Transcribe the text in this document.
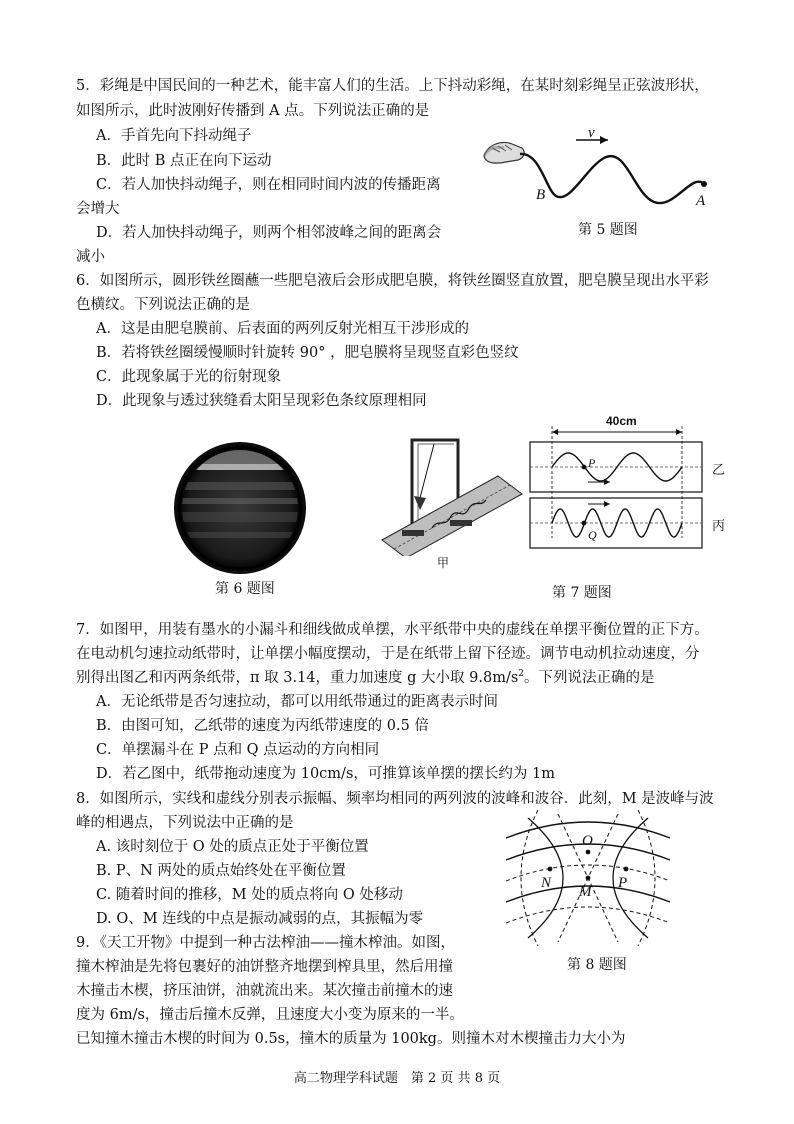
5．彩绳是中国民间的一种艺术，能丰富人们的生活。上下抖动彩绳，在某时刻彩绳呈正弦波形状，
如图所示，此时波刚好传播到 A 点。下列说法正确的是
A．手首先向下抖动绳子
B．此时 B 点正在向下运动
C．若人加快抖动绳子，则在相同时间内波的传播距离
会增大
D．若人加快抖动绳子，则两个相邻波峰之间的距离会
减小
v
B	A
第 5 题图
6．如图所示，圆形铁丝圈蘸一些肥皂液后会形成肥皂膜，将铁丝圈竖直放置，肥皂膜呈现出水平彩
色横纹。下列说法正确的是
A．这是由肥皂膜前、后表面的两列反射光相互干涉形成的
B．若将铁丝圈缓慢顺时针旋转 90° ，肥皂膜将呈现竖直彩色竖纹
C．此现象属于光的衍射现象
D．此现象与透过狭缝看太阳呈现彩色条纹原理相同
第 6 题图
甲
40cm
P
Q
乙
丙
第 7 题图
7．如图甲，用装有墨水的小漏斗和细线做成单摆，水平纸带中央的虚线在单摆平衡位置的正下方。
在电动机匀速拉动纸带时，让单摆小幅度摆动，于是在纸带上留下径迹。调节电动机拉动速度，分
别得出图乙和丙两条纸带，π 取 3.14，重力加速度 g 大小取 $9.8m/s^2$。下列说法正确的是
A．无论纸带是否匀速拉动，都可以用纸带通过的距离表示时间
B．由图可知，乙纸带的速度为丙纸带速度的 0.5 倍
C．单摆漏斗在 P 点和 Q 点运动的方向相同
D．若乙图中，纸带拖动速度为 10cm/s，可推算该单摆的摆长约为 1m
8．如图所示，实线和虚线分别表示振幅、频率均相同的两列波的波峰和波谷．此刻，M 是波峰与波
峰的相遇点，下列说法中正确的是
A. 该时刻位于 O 处的质点正处于平衡位置
B. P、N 两处的质点始终处在平衡位置
C. 随着时间的推移，M 处的质点将向 O 处移动
D. O、M 连线的中点是振动减弱的点，其振幅为零
O
N
M
P
第 8 题图
9．《天工开物》中提到一种古法榨油——撞木榨油。如图，
撞木榨油是先将包裹好的油饼整齐地摆到榨具里，然后用撞
木撞击木楔，挤压油饼，油就流出来。某次撞击前撞木的速
度为 6m/s，撞击后撞木反弹，且速度大小变为原来的一半。
已知撞木撞击木楔的时间为 0.5s，撞木的质量为 100kg。则撞木对木楔撞击力大小为
高二物理学科试题　第 2 页 共 8 页
